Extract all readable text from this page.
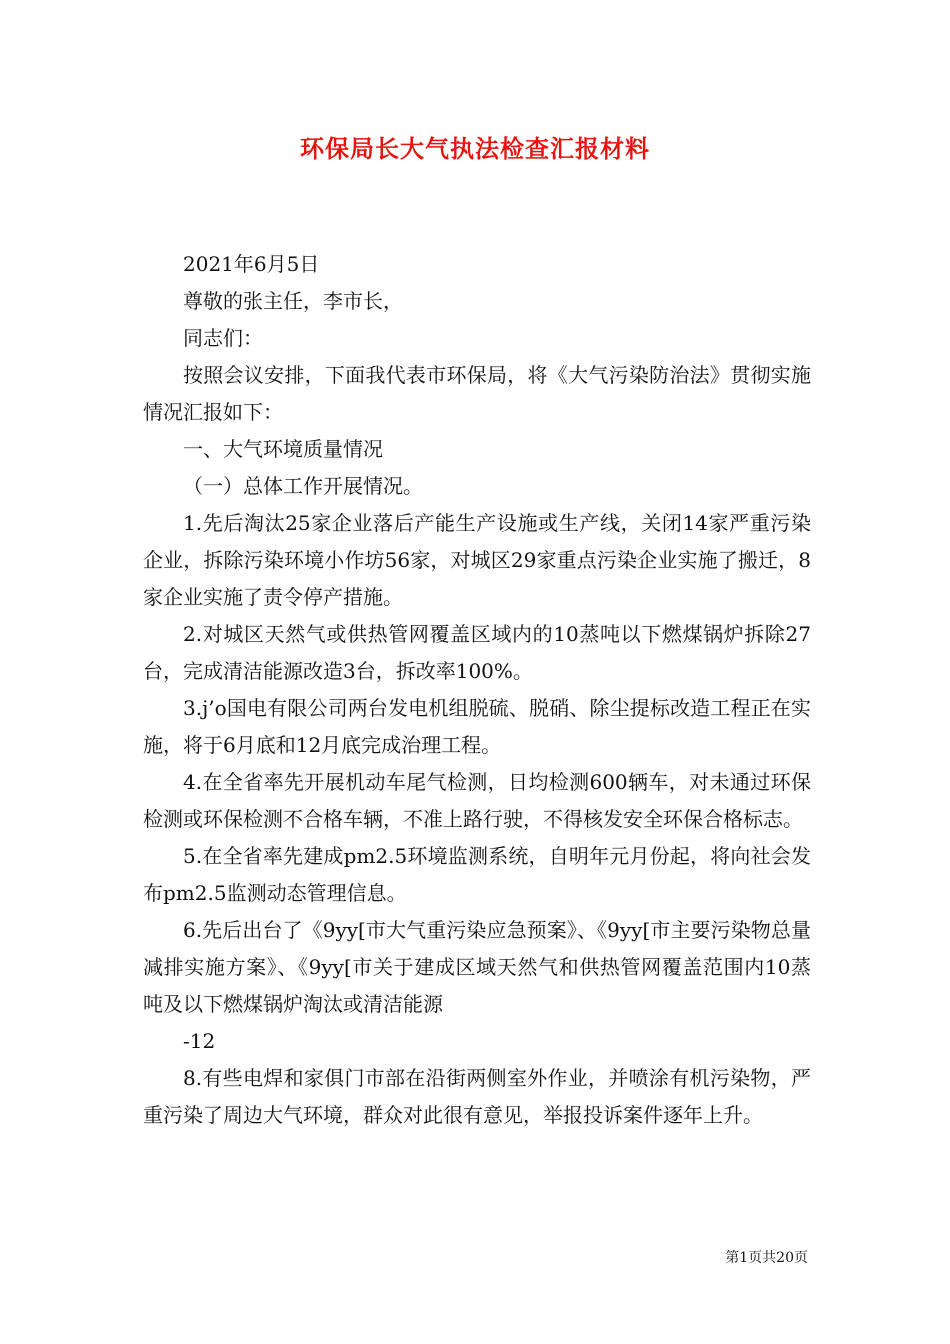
环保局长大气执法检查汇报材料

2021年6月5日

尊敬的张主任，李市长，

同志们：

按照会议安排，下面我代表市环保局，将《大气污染防治法》贯彻实施情况汇报如下：

一、大气环境质量情况

（一）总体工作开展情况。

1.先后淘汰25家企业落后产能生产设施或生产线，关闭14家严重污染企业，拆除污染环境小作坊56家，对城区29家重点污染企业实施了搬迁，8家企业实施了责令停产措施。

2.对城区天然气或供热管网覆盖区域内的10蒸吨以下燃煤锅炉拆除27台，完成清洁能源改造3台，拆改率100%。

3.j’o国电有限公司两台发电机组脱硫、脱硝、除尘提标改造工程正在实施，将于6月底和12月底完成治理工程。

4.在全省率先开展机动车尾气检测，日均检测600辆车，对未通过环保检测或环保检测不合格车辆，不准上路行驶，不得核发安全环保合格标志。

5.在全省率先建成pm2.5环境监测系统，自明年元月份起，将向社会发布pm2.5监测动态管理信息。

6.先后出台了《9yy[市大气重污染应急预案》、《9yy[市主要污染物总量减排实施方案》、《9yy[市关于建成区域天然气和供热管网覆盖范围内10蒸吨及以下燃煤锅炉淘汰或清洁能源

-12

8.有些电焊和家俱门市部在沿街两侧室外作业，并喷涂有机污染物，严重污染了周边大气环境，群众对此很有意见，举报投诉案件逐年上升。

第1页共20页
